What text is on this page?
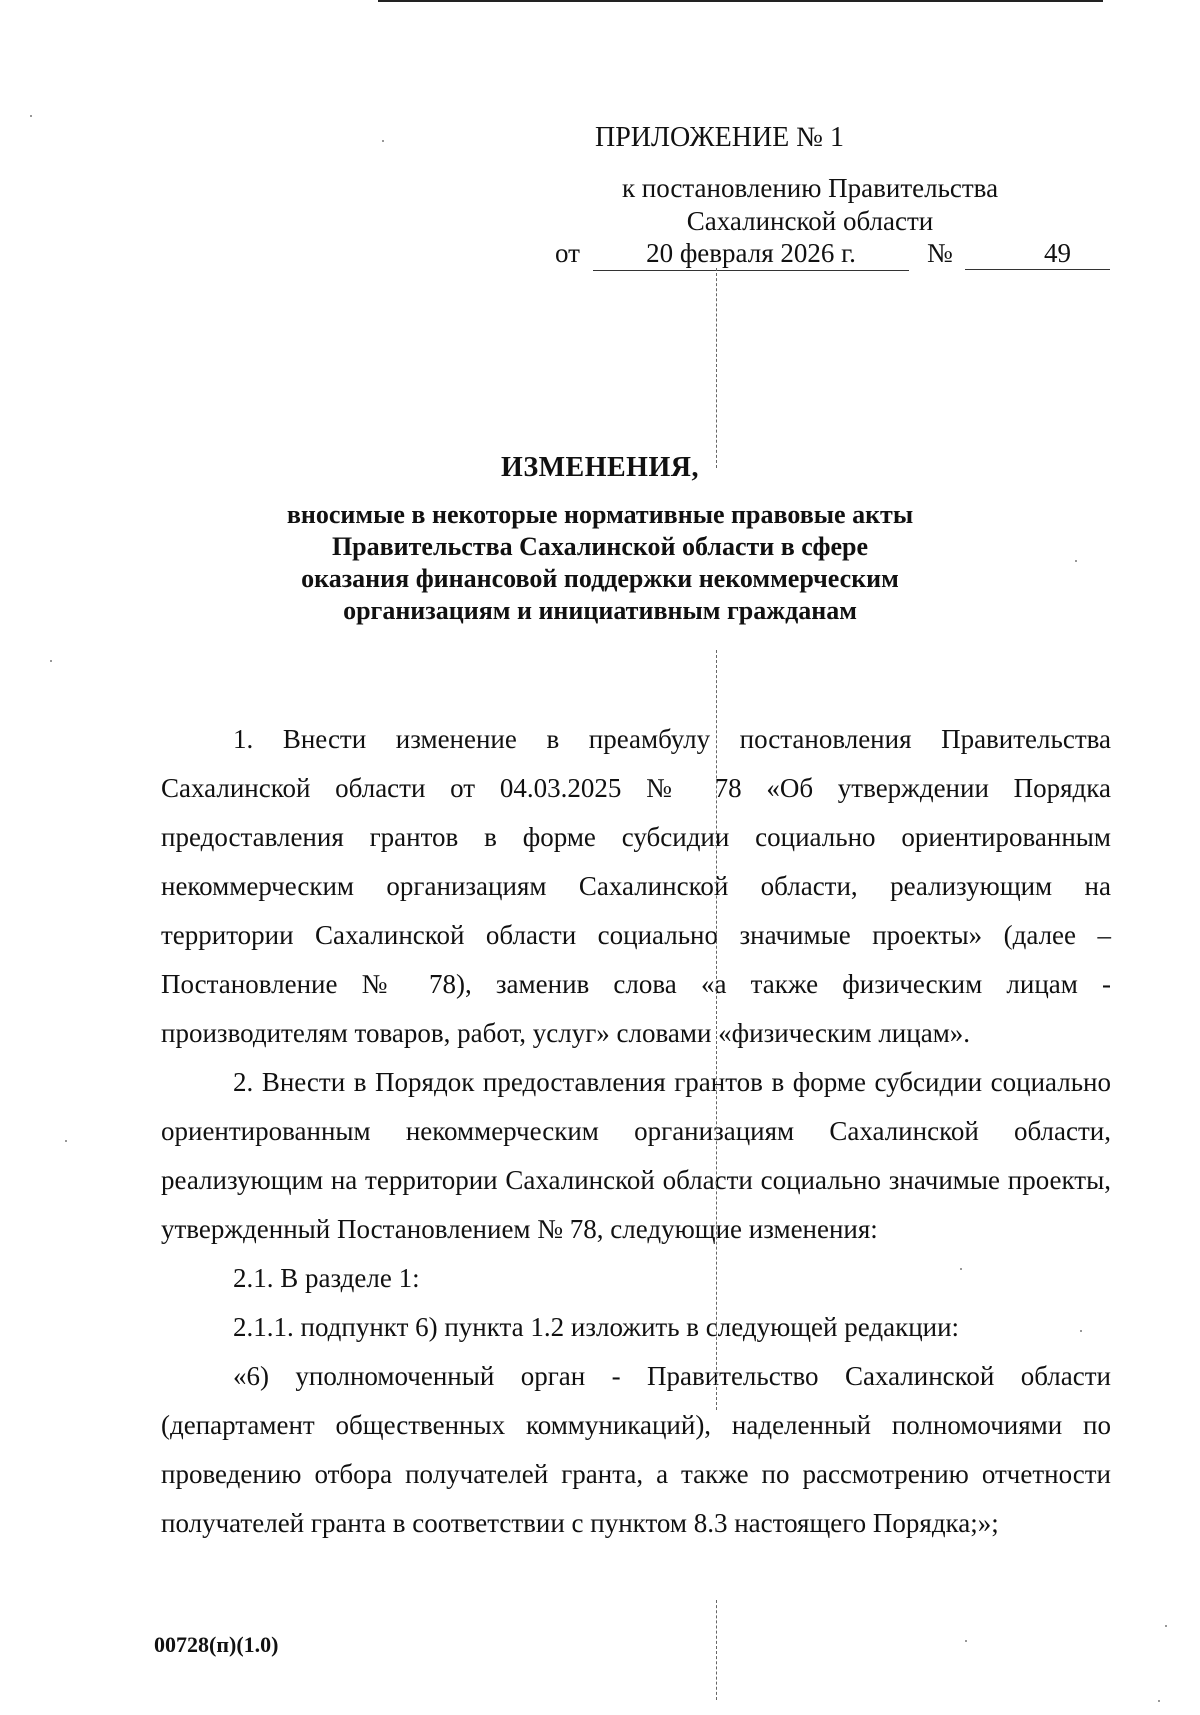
ПРИЛОЖЕНИЕ № 1
к постановлению Правительства
Сахалинской области
от	20 февраля 2026 г.	№	49
ИЗМЕНЕНИЯ,
вносимые в некоторые нормативные правовые акты
Правительства Сахалинской области в сфере
оказания финансовой поддержки некоммерческим
организациям и инициативным гражданам

1. Внести изменение в преамбулу постановления Правительства Сахалинской области от 04.03.2025 № 78 «Об утверждении Порядка предоставления грантов в форме субсидии социально ориентированным некоммерческим организациям Сахалинской области, реализующим на территории Сахалинской области социально значимые проекты» (далее – Постановление № 78), заменив слова «а также физическим лицам - производителям товаров, работ, услуг» словами «физическим лицам».

2. Внести в Порядок предоставления грантов в форме субсидии социально ориентированным некоммерческим организациям Сахалинской области, реализующим на территории Сахалинской области социально значимые проекты, утвержденный Постановлением № 78, следующие изменения:

2.1. В разделе 1:

2.1.1. подпункт 6) пункта 1.2 изложить в следующей редакции:

«6) уполномоченный орган - Правительство Сахалинской области (департамент общественных коммуникаций), наделенный полномочиями по проведению отбора получателей гранта, а также по рассмотрению отчетности получателей гранта в соответствии с пунктом 8.3 настоящего Порядка;»;

00728(п)(1.0)
